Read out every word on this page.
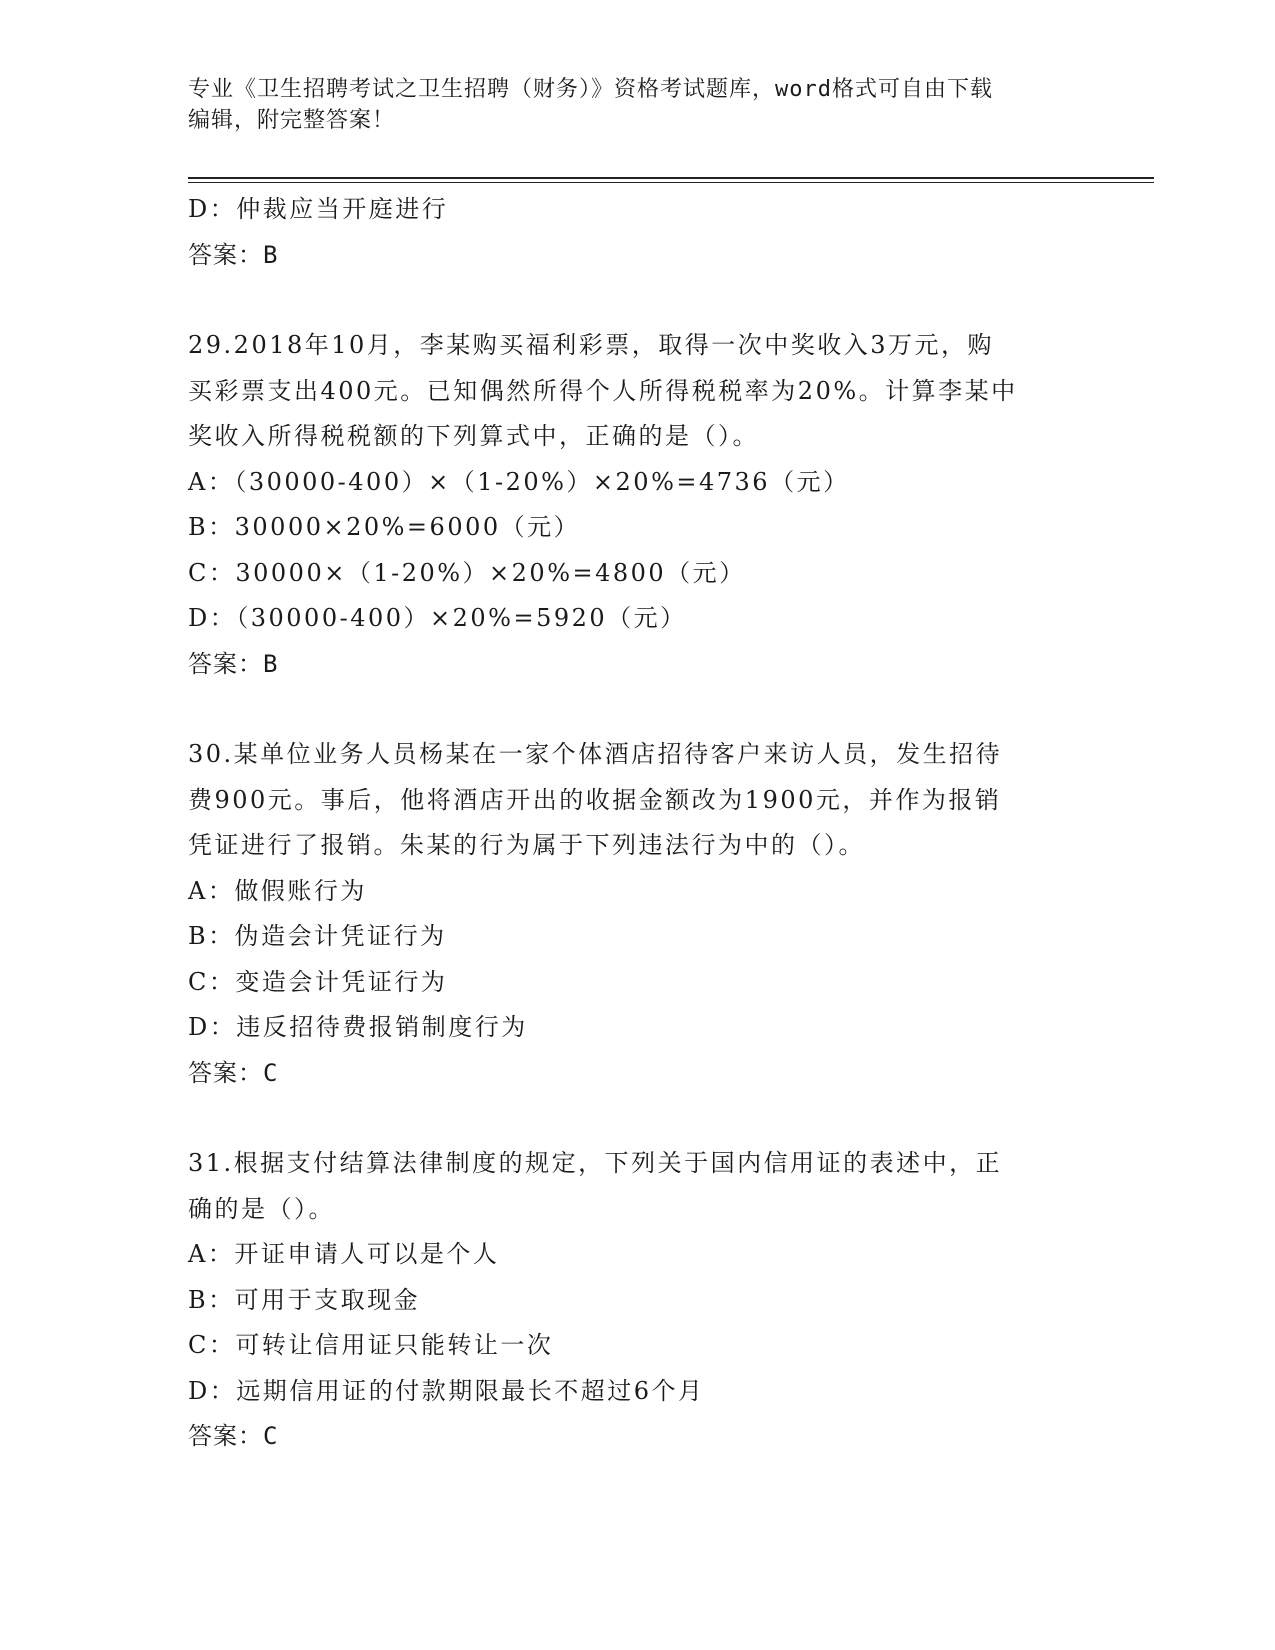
专业《卫生招聘考试之卫生招聘（财务）》资格考试题库，word格式可自由下载
编辑，附完整答案！
D：仲裁应当开庭进行
答案：B
29.2018年10月，李某购买福利彩票，取得一次中奖收入3万元，购
买彩票支出400元。已知偶然所得个人所得税税率为20%。计算李某中
奖收入所得税税额的下列算式中，正确的是（）。
A：（30000-400）×（1-20%）×20%=4736（元）
B：30000×20%=6000（元）
C：30000×（1-20%）×20%=4800（元）
D：（30000-400）×20%=5920（元）
答案：B
30.某单位业务人员杨某在一家个体酒店招待客户来访人员，发生招待
费900元。事后，他将酒店开出的收据金额改为1900元，并作为报销
凭证进行了报销。朱某的行为属于下列违法行为中的（）。
A：做假账行为
B：伪造会计凭证行为
C：变造会计凭证行为
D：违反招待费报销制度行为
答案：C
31.根据支付结算法律制度的规定，下列关于国内信用证的表述中，正
确的是（）。
A：开证申请人可以是个人
B：可用于支取现金
C：可转让信用证只能转让一次
D：远期信用证的付款期限最长不超过6个月
答案：C
